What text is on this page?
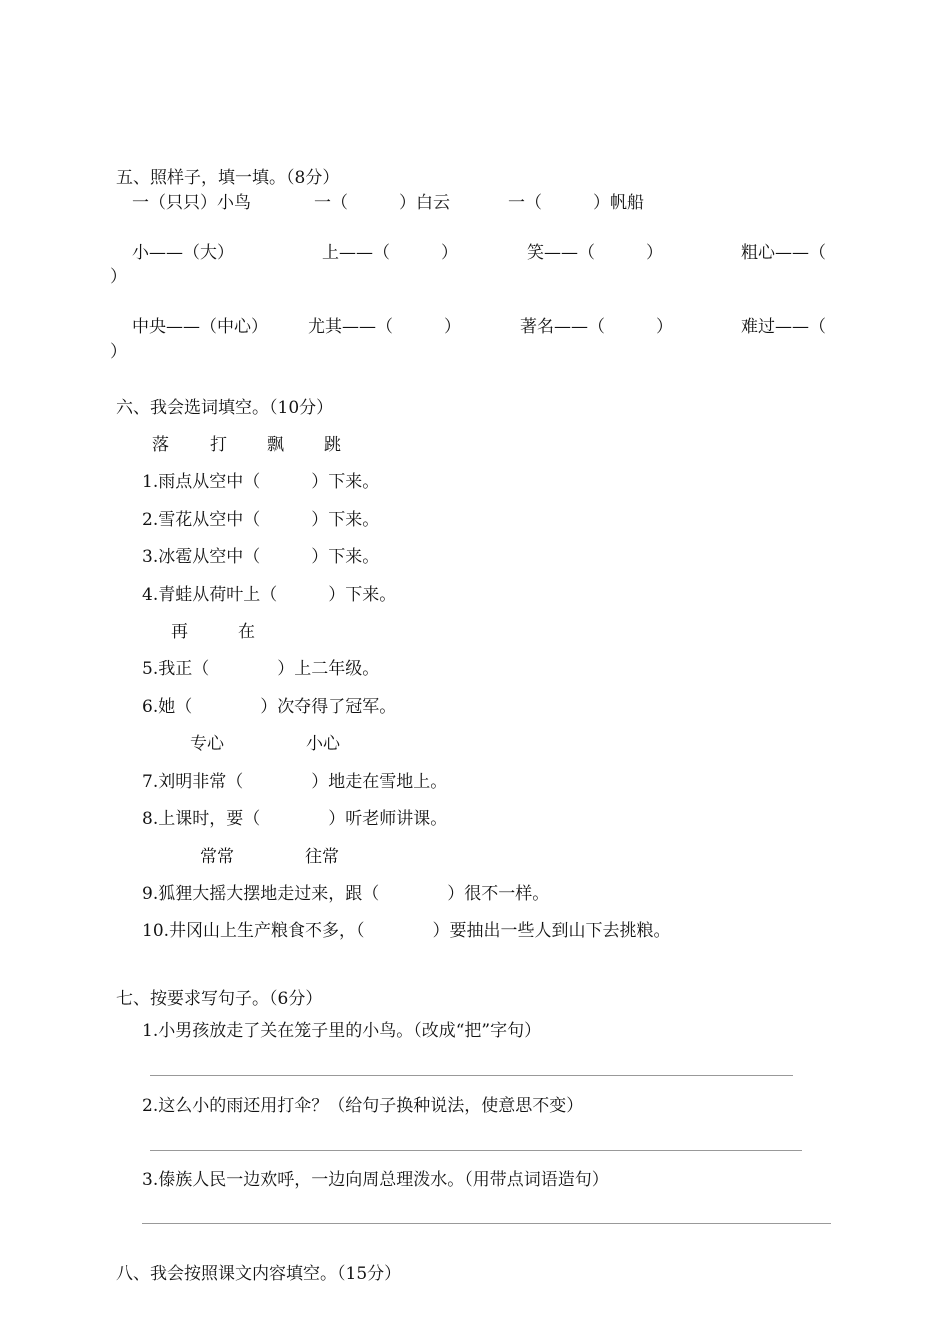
五、照样子，填一填。（8分）
一（只只）小鸟	一（　　　）白云	一（　　　）帆船
小——（大）	上——（　　　）	笑——（　　　）	粗心——（
）
中央——（中心） 尤其——（　　　）	著名——（　　　）	难过——（
）
六、我会选词填空。（10分）
落 打 飘 跳
1.雨点从空中（　　　）下来。
2.雪花从空中（　　　）下来。
3.冰雹从空中（　　　）下来。
4.青蛙从荷叶上（　　　）下来。
再	在
5.我正（　　　　）上二年级。
6.她（　　　　）次夺得了冠军。
专心	小心
7.刘明非常（　　　　）地走在雪地上。
8.上课时，要（　　　　）听老师讲课。
常常	往常
9.狐狸大摇大摆地走过来，跟（　　　　）很不一样。
10.井冈山上生产粮食不多，（　　　　）要抽出一些人到山下去挑粮。
七、按要求写句子。（6分）
1.小男孩放走了关在笼子里的小鸟。（改成“把”字句）
2.这么小的雨还用打伞？（给句子换种说法，使意思不变）
3.傣族人民一边欢呼，一边向周总理泼水。（用带点词语造句）
八、我会按照课文内容填空。（15分）
